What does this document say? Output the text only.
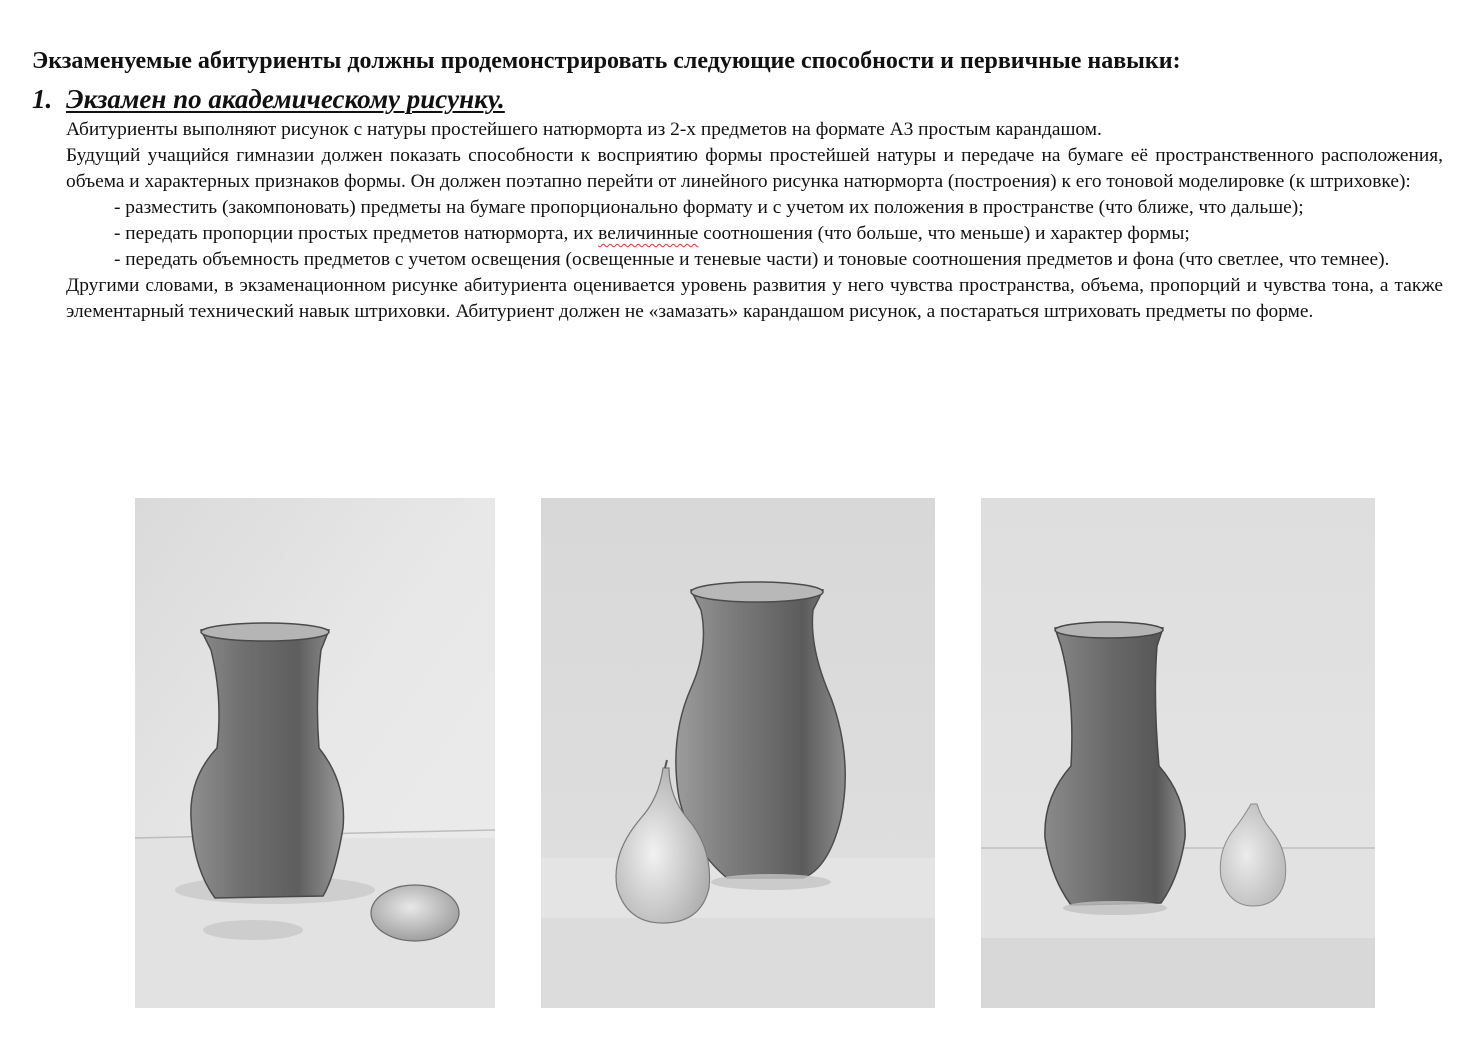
Экзаменуемые абитуриенты должны продемонстрировать следующие способности и первичные навыки:
1. Экзамен по академическому рисунку.

Абитуриенты выполняют рисунок с натуры простейшего натюрморта из 2-х предметов на формате А3 простым карандашом.

Будущий учащийся гимназии должен показать способности к восприятию формы простейшей натуры и передаче на бумаге её пространственного расположения, объема и характерных признаков формы. Он должен поэтапно перейти от линейного рисунка натюрморта (построения) к его тоновой моделировке (к штриховке):

- разместить (закомпоновать) предметы на бумаге пропорционально формату и с учетом их положения в пространстве (что ближе, что дальше);
- передать пропорции простых предметов натюрморта, их величинные соотношения (что больше, что меньше) и характер формы;
- передать объемность предметов с учетом освещения (освещенные и теневые части) и тоновые соотношения предметов и фона (что светлее, что темнее).

Другими словами, в экзаменационном рисунке абитуриента оценивается уровень развития у него чувства пространства, объема, пропорций и чувства тона, а также элементарный технический навык штриховки. Абитуриент должен не «замазать» карандашом рисунок, а постараться штриховать предметы по форме.
